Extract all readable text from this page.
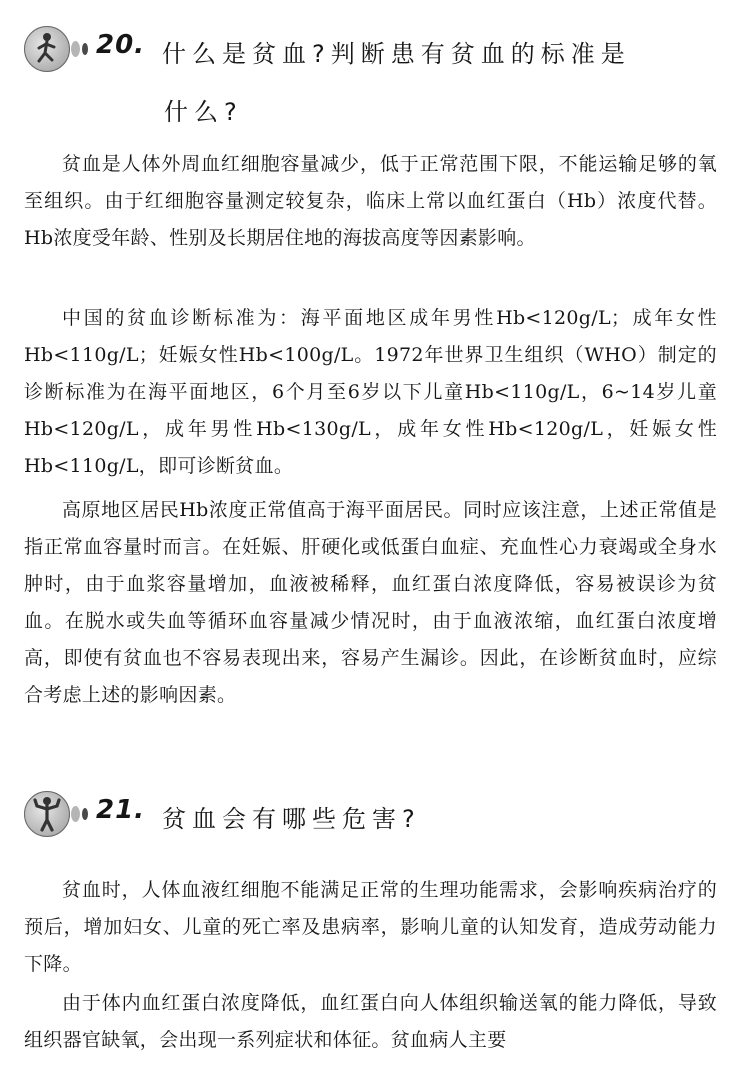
20. 什么是贫血?判断患有贫血的标准是
什么?

贫血是人体外周血红细胞容量减少，低于正常范围下限，不能运输足够的氧至组织。由于红细胞容量测定较复杂，临床上常以血红蛋白（Hb）浓度代替。Hb浓度受年龄、性别及长期居住地的海拔高度等因素影响。

中国的贫血诊断标准为：海平面地区成年男性Hb<120g/L；成年女性Hb<110g/L；妊娠女性Hb<100g/L。1972年世界卫生组织（WHO）制定的诊断标准为在海平面地区，6个月至6岁以下儿童Hb<110g/L，6~14岁儿童Hb<120g/L，成年男性Hb<130g/L，成年女性Hb<120g/L，妊娠女性Hb<110g/L，即可诊断贫血。

高原地区居民Hb浓度正常值高于海平面居民。同时应该注意，上述正常值是指正常血容量时而言。在妊娠、肝硬化或低蛋白血症、充血性心力衰竭或全身水肿时，由于血浆容量增加，血液被稀释，血红蛋白浓度降低，容易被误诊为贫血。在脱水或失血等循环血容量减少情况时，由于血液浓缩，血红蛋白浓度增高，即使有贫血也不容易表现出来，容易产生漏诊。因此，在诊断贫血时，应综合考虑上述的影响因素。

21. 贫血会有哪些危害?

贫血时，人体血液红细胞不能满足正常的生理功能需求，会影响疾病治疗的预后，增加妇女、儿童的死亡率及患病率，影响儿童的认知发育，造成劳动能力下降。

由于体内血红蛋白浓度降低，血红蛋白向人体组织输送氧的能力降低，导致组织器官缺氧，会出现一系列症状和体征。贫血病人主要
